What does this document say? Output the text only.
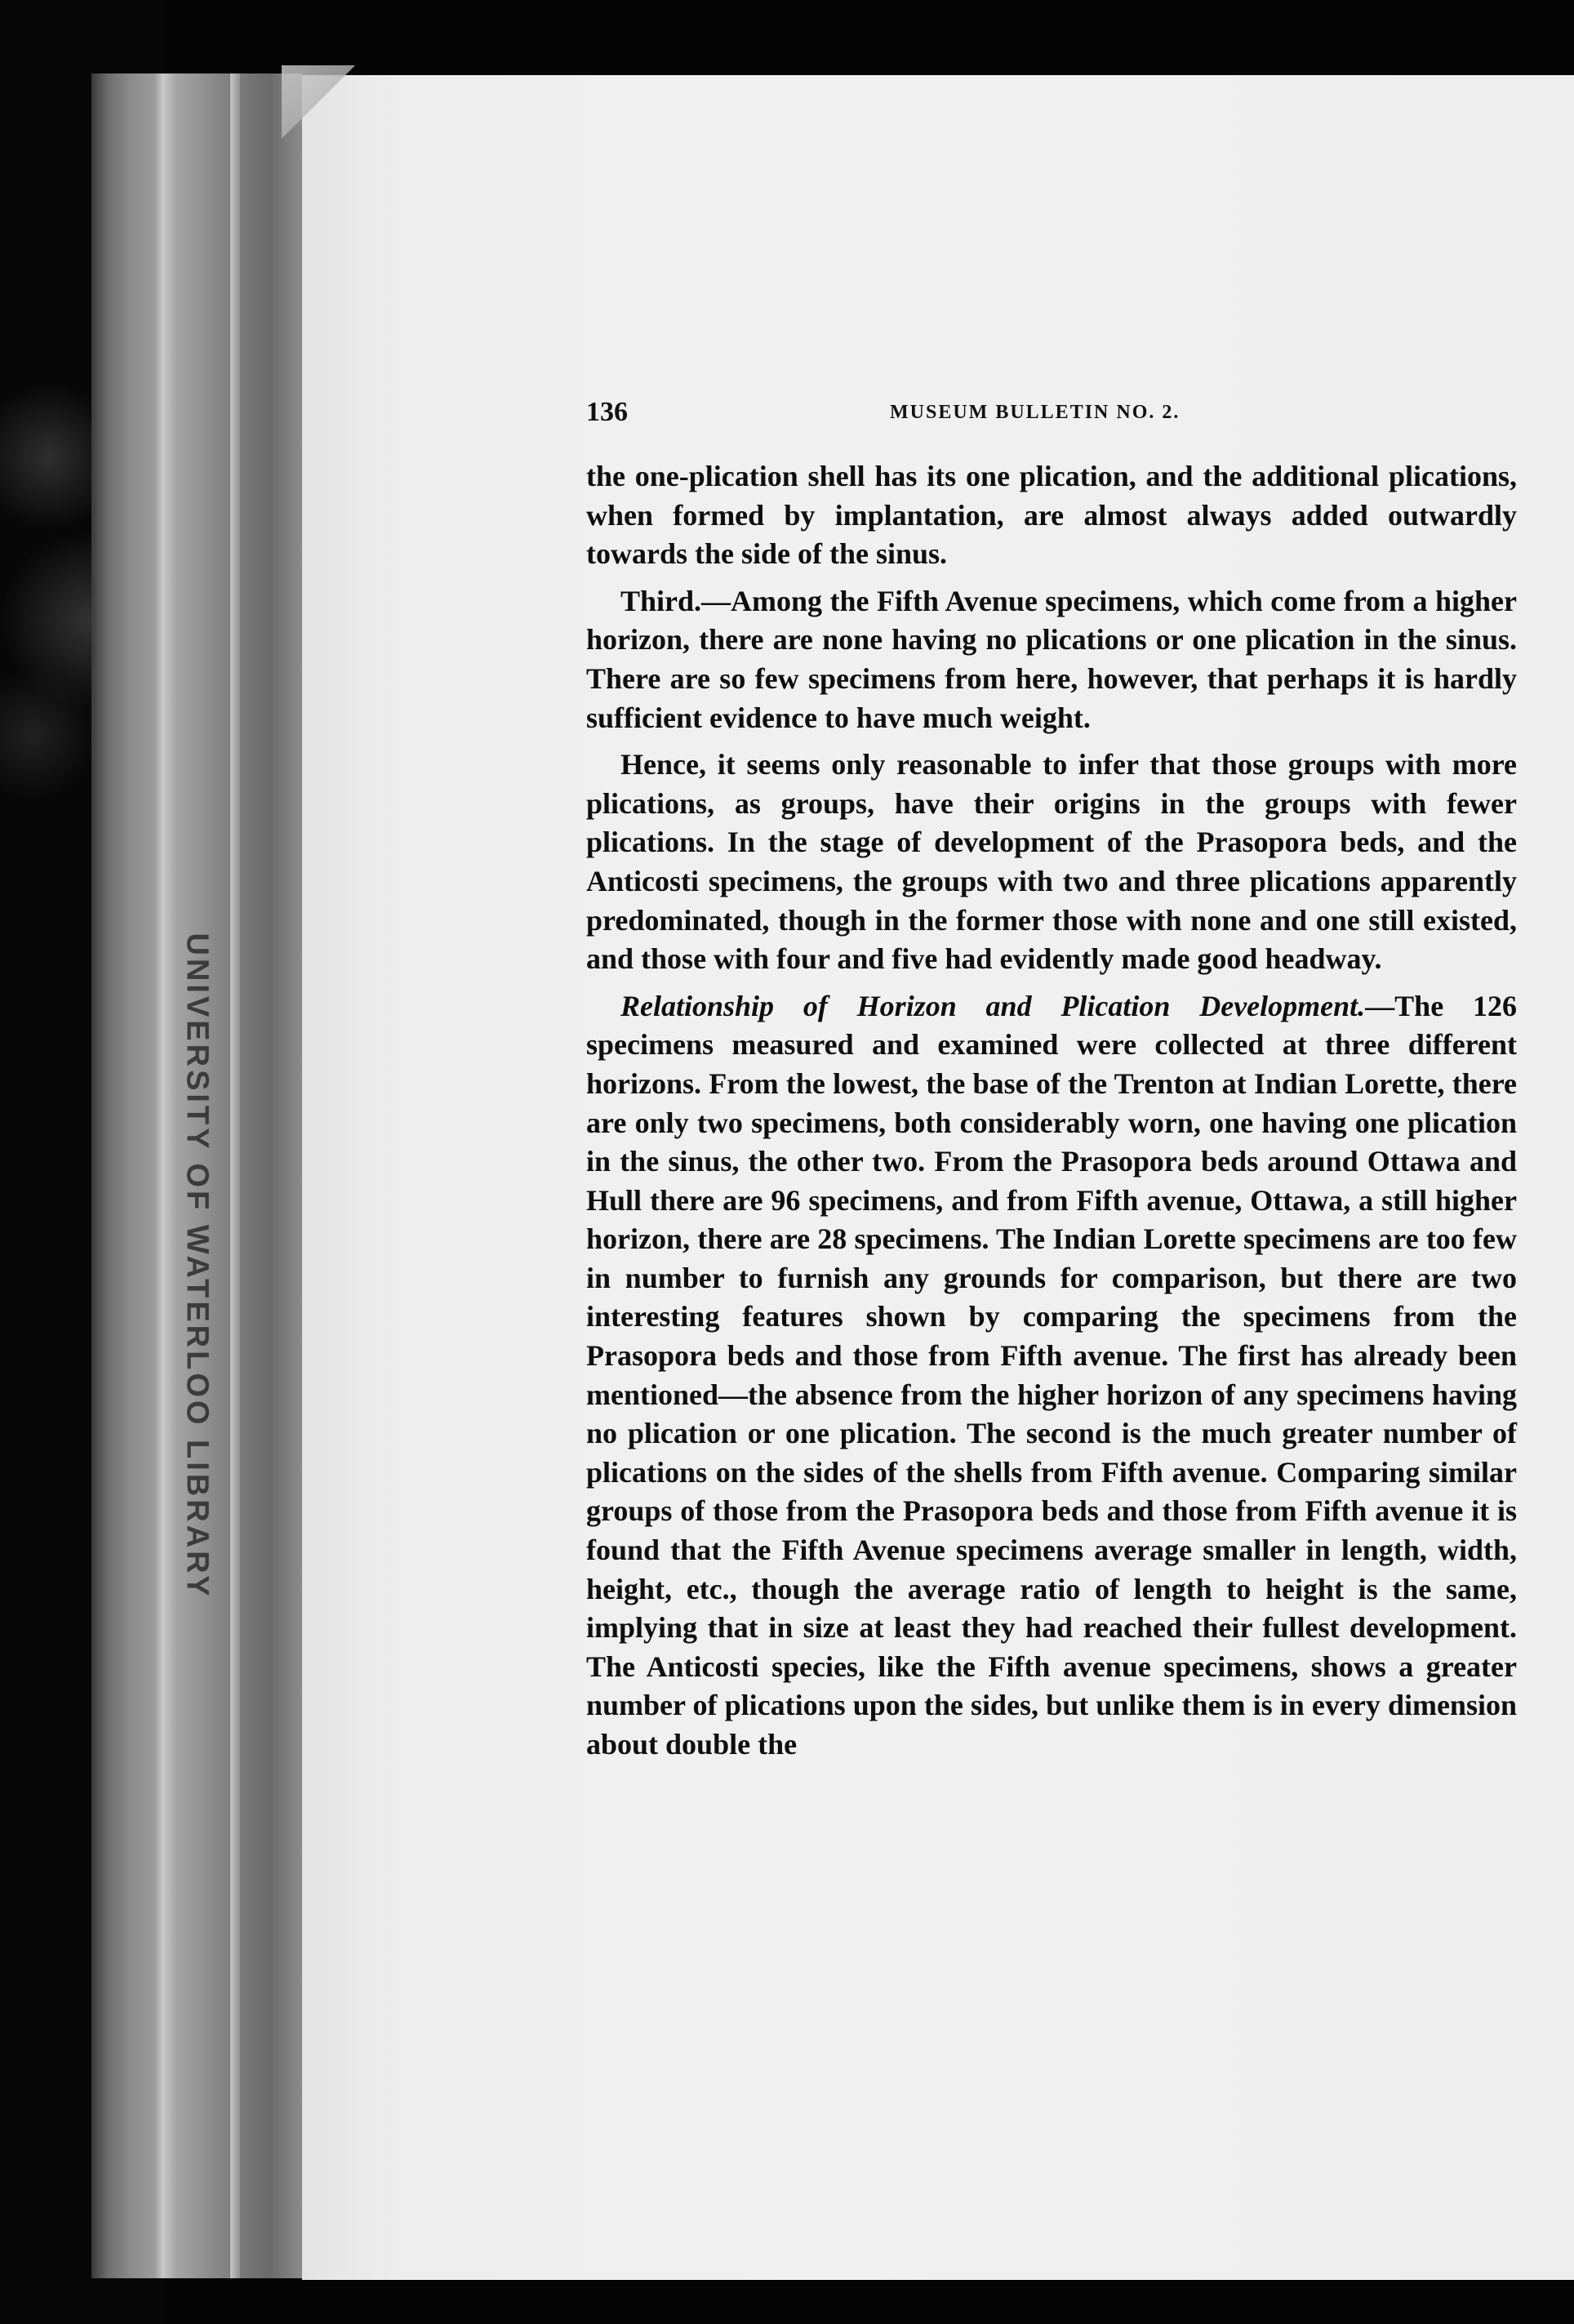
UNIVERSITY OF WATERLOO LIBRARY
136	MUSEUM BULLETIN NO. 2.

the one-plication shell has its one plication, and the additional plications, when formed by implantation, are almost always added outwardly towards the side of the sinus.

Third.—Among the Fifth Avenue specimens, which come from a higher horizon, there are none having no plications or one plication in the sinus. There are so few specimens from here, however, that perhaps it is hardly sufficient evidence to have much weight.

Hence, it seems only reasonable to infer that those groups with more plications, as groups, have their origins in the groups with fewer plications. In the stage of development of the Prasopora beds, and the Anticosti specimens, the groups with two and three plications apparently predominated, though in the former those with none and one still existed, and those with four and five had evidently made good headway.

Relationship of Horizon and Plication Development.—The 126 specimens measured and examined were collected at three different horizons. From the lowest, the base of the Trenton at Indian Lorette, there are only two specimens, both considerably worn, one having one plication in the sinus, the other two. From the Prasopora beds around Ottawa and Hull there are 96 specimens, and from Fifth avenue, Ottawa, a still higher horizon, there are 28 specimens. The Indian Lorette specimens are too few in number to furnish any grounds for comparison, but there are two interesting features shown by comparing the specimens from the Prasopora beds and those from Fifth avenue. The first has already been mentioned—the absence from the higher horizon of any specimens having no plication or one plication. The second is the much greater number of plications on the sides of the shells from Fifth avenue. Comparing similar groups of those from the Prasopora beds and those from Fifth avenue it is found that the Fifth Avenue specimens average smaller in length, width, height, etc., though the average ratio of length to height is the same, implying that in size at least they had reached their fullest development. The Anticosti species, like the Fifth avenue specimens, shows a greater number of plications upon the sides, but unlike them is in every dimension about double the
